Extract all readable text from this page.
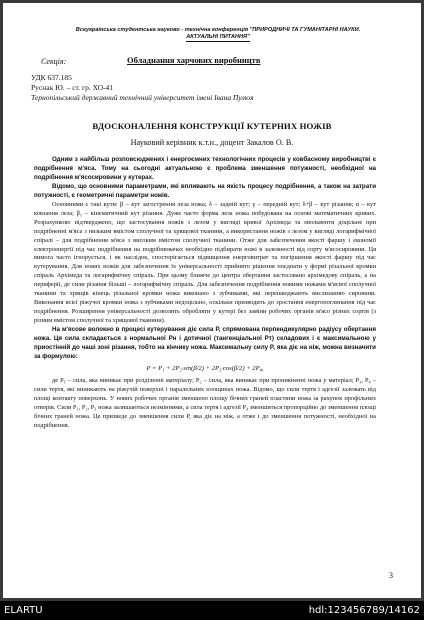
Всеукраїнська студентська науково - технічна конференція "ПРИРОДНИЧІ ТА ГУМАНІТАРНІ НАУКИ.
АКТУАЛЬНІ ПИТАННЯ"
Секція:	Обладнання харчових виробництв
УДК 637.185
Руснак Ю. – ст. гр. ХО-41
Тернопільський державний технічний університет імені Івана Пулюя
ВДОСКОНАЛЕННЯ КОНСТРУКЦІЇ КУТЕРНИХ НОЖІВ
Науковий керівник к.т.н., доцент Закалов О. В.

Одним з найбільш розповсюджених і енергоємних технологічних процесів у ковбасному виробництві є подрібнення м'яса. Тому на сьогодні актуальною є проблема зменшення потужності, необхідної на подрібнення м'ясосировини у кутерах.

Відомо, що основними параметрами, які впливають на якість процесу подрібнення, а також на затрати потужності, є геометричні параметри ножів.

Основними є такі кути: β – кут загострення леза ножа; δ – задній кут; γ – передній кут; δ+β – кут різання; α – кут ковзання леза; β₁ – кінематичний кут різання. Дуже часто форма леза ножа побудована на основі математичних кривих. Розрахунково підтверджено, що застосування ножів з лезом у вигляді кривої Архімеда та евольвенти доцільне при подрібненні м'яса з низьким вмістом сполучної та хрящової тканини, а використання ножів з лезом у вигляді логарифмічної спіралі – для подрібнення м'яса з високим вмістом сполучної тканини. Отже для забезпечення якості фаршу і економії електроенергії під час подрібнення на подрібнювачах необхідно підбирати ножі в залежності від сорту м'ясосировини. Ця вимога часто ігнорується, і як наслідок, спостерігається підвищення енерговитрат та погіршення якості фаршу під час кутерування. Для нових ножів для забезпечення їх універсальності прийнято рішення поєднати у формі різальної кромки спіраль Архімеда та логарифмічну спіраль. При цьому ближче до центра обертання застосовано архімедову спіраль, а на периферії, де сили різання більші – логарифмічну спіраль. Для забезпечення подрібнення новими ножами м'ясної сполучної тканини та хрящів кінець різальної кромки ножа виконано з зубчиками, які перешкоджають вислизанню сировини. Виконання всієї ріжучої кромки ножа з зубчиками недоцільно, оскільки призводить до зростання енергопоглинання під час подрібнення. Розширення універсальності дозволить обробляти у кутері без заміни робочих органів м'ясо різних сортів (з різним вмістом сполучної та хрящової тканини).

На м'ясове волокно в процесі кутерування діє сила P, спрямована перпендикулярно радіусу обертання ножа. Ця сила складається з нормальної Pн і дотичної (тангенціальної Pт) складових і є максимальною у приостінній до чаші зоні різання, тобто на кінчику ножа. Максимальну силу P, яка діє на ніж, можна визначити за формулою:

P = P₁ + 2P₂·sin(β/2) + 2P₃·cos(β/2) + 2P₄,

де P₁ – сила, яка виникає при розділенні матеріалу; P₂ – сила, яка виникає при проникненні ножа у матеріал; P₃, P₄ – сили тертя, які виникають на ріжучій поверхні і паралельних площинах ножа. Відомо, що сили тертя і адгезії залежать від площі контакту поверхонь. У нових робочих органів зменшено площу бічних граней пластини ножа за рахунок профільних отворів. Сили P₁, P₂, P₃ ножа залишаються незмінними, а сила тертя і адгезії P₄ зменшиться пропорційно до зменшення площі бічних граней ножа. Це призведе до зменшення сили P, яка діє на ніж, а отже і до зменшення потужності, необхідної на подрібнення.

3
ELARTU	hdl:123456789/14162
